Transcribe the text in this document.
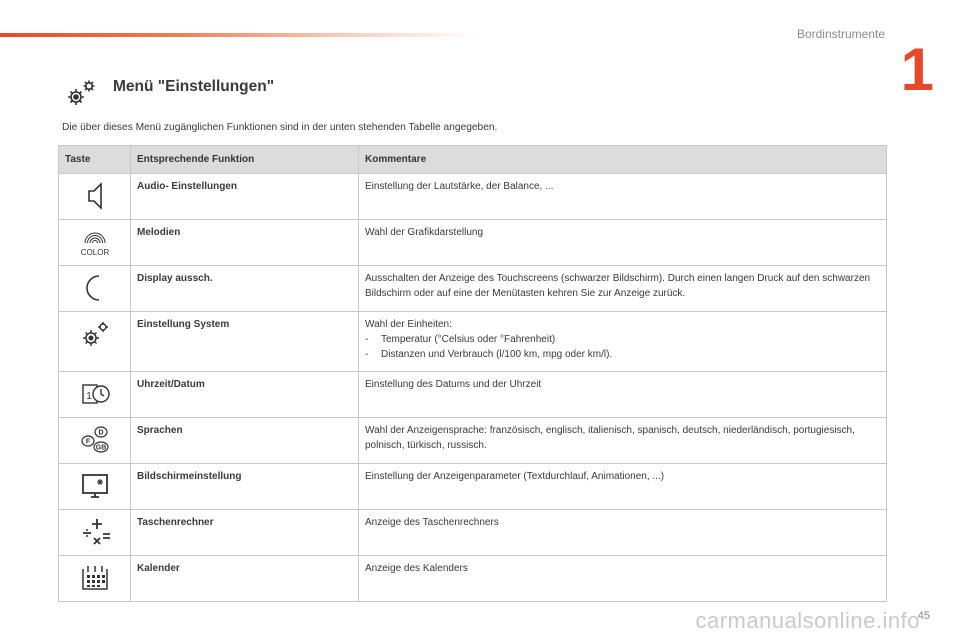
Bordinstrumente
1
Menü "Einstellungen"
Die über dieses Menü zugänglichen Funktionen sind in der unten stehenden Tabelle angegeben.
Taste	Entsprechende Funktion	Kommentare
	Audio- Einstellungen	Einstellung der Lautstärke, der Balance, ...

COLOR	Melodien	Wahl der Grafikdarstellung

	Display aussch.	Ausschalten der Anzeige des Touchscreens (schwarzer Bildschirm). Durch einen langen Druck auf den schwarzen Bildschirm oder auf eine der Menütasten kehren Sie zur Anzeige zurück.

	Einstellung System	Wahl der Einheiten:
- Temperatur (°Celsius oder °Fahrenheit)
- Distanzen und Verbrauch (l/100 km, mpg oder km/l).

1	Uhrzeit/Datum	Einstellung des Datums und der Uhrzeit

D
F
GB	Sprachen	Wahl der Anzeigensprache: französisch, englisch, italienisch, spanisch, deutsch, niederländisch, portugiesisch, polnisch, türkisch, russisch.

	Bildschirmeinstellung	Einstellung der Anzeigenparameter (Textdurchlauf, Animationen, ...)

	Taschenrechner	Anzeige des Taschenrechners

	Kalender	Anzeige des Kalenders
45
carmanualsonline.info
